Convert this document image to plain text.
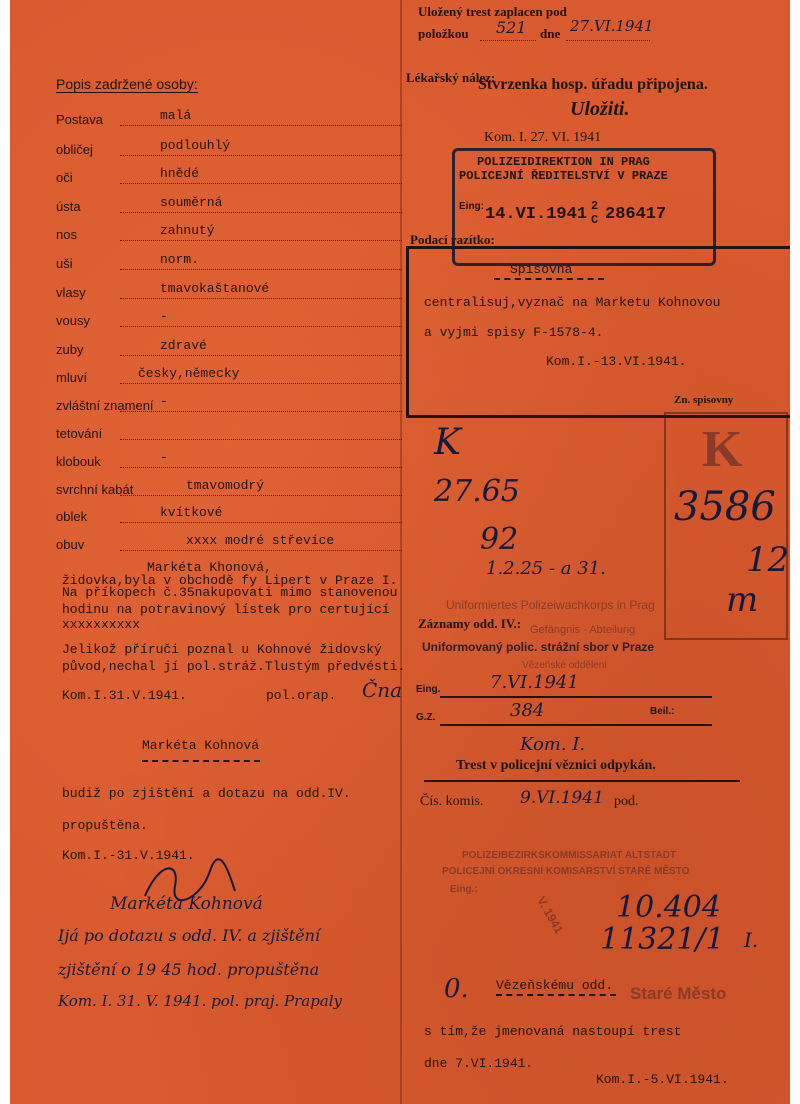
Popis zadržené osoby:
Postava	malá
obličej	podlouhlý
oči	hnědé
ústa	souměrná
nos	zahnutý
uši	norm.
vlasy	tmavokaštanové
vousy	-
zuby	zdravé
mluví	česky,německy
zvláštní znamení -
tetování
klobouk	-
svrchní kabát	tmavomodrý
oblek	kvítkové
obuv	xxxx modré střevíce
Markéta Khonová,
židovka,byla v obchodě fy Lipert v Praze I.
Na příkopech č.35nakupovati mimo stanovenou
hodinu na potravinový lístek pro certující
xxxxxxxxxx
Jelikož příruči poznal u Kohnové židovský
původ,nechal jí pol.stráž.Tlustým předvésti.
Kom.I.31.V.1941.	pol.orap. Čna
Markéta Kohnová
budiž po zjištění a dotazu na odd.IV.
propuštěna.
Kom.I.-31.V.1941.
Markéta Kohnová
Ijá po dotazu s odd. IV. a zjištění
zjištění o 19 45 hod. propuštěna
Kom. I. 31. V. 1941. pol. praj. Prapaly
Uložený trest zaplacen pod
položkou 521 dne 27.VI.1941
Lékařský nález:
Stvrzenka hosp. úřadu připojena.
Uložiti.
Kom. I. 27. VI. 1941
POLIZEIDIREKTION IN PRAG
POLICEJNÍ ŘEDITELSTVÍ V PRAZE
Eing: 14.VI.1941 2
C 286417
Podací razítko:
Spisovna
centralisuj,vyznač na Marketu Kohnovou
a vyjmi spisy F-1578-4.
Kom.I.-13.VI.1941.
Zn. spisovny
K
27.65
92
1.2.25 - a 31.
K
3586
12
m
Uniformiertes Polizeiwachkorps in Prag
Záznamy odd. IV.: Gefängnis - Abteilung
Uniformovaný polic. strážní sbor v Praze
Vězeňské oddělení
Eing.	7.VI.1941
G.Z.	384	Beil.:
Kom. I.
Trest v policejní věznici odpykán.
Čís. komis. 9.VI.1941 pod.
POLIZEIBEZIRKSKOMMISSARIAT ALTSTADT
POLICEJNÍ OKRESNÍ KOMISARSTVÍ STARÉ MĚSTO
Eing.:
V. 1941 10.404
11321/1 I.
0. Vězeňskému odd. Staré Město
s tím,že jmenovaná nastoupí trest
dne 7.VI.1941.
Kom.I.-5.VI.1941.
